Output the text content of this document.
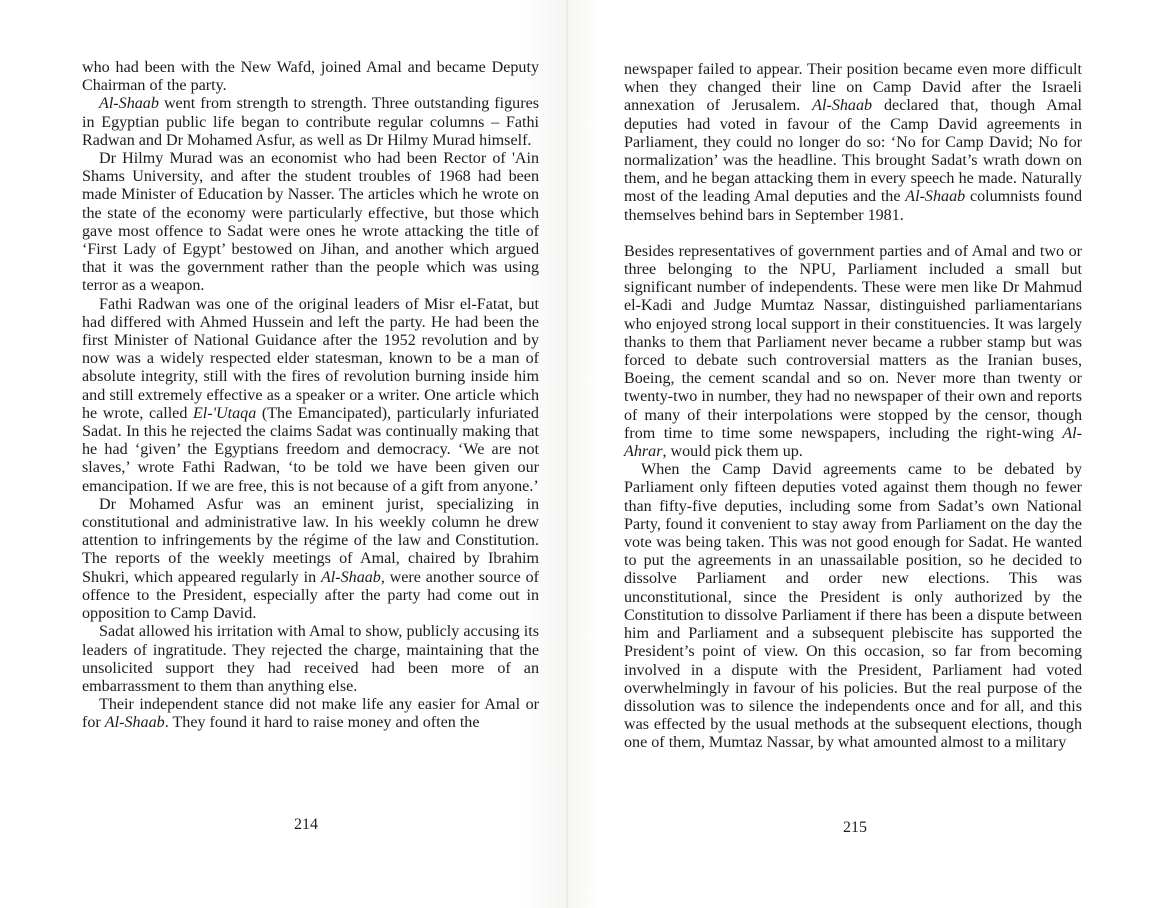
who had been with the New Wafd, joined Amal and became Deputy Chairman of the party.

Al-Shaab went from strength to strength. Three outstanding figures in Egyptian public life began to contribute regular columns – Fathi Radwan and Dr Mohamed Asfur, as well as Dr Hilmy Murad himself.

Dr Hilmy Murad was an economist who had been Rector of 'Ain Shams University, and after the student troubles of 1968 had been made Minister of Education by Nasser. The articles which he wrote on the state of the economy were particularly effective, but those which gave most offence to Sadat were ones he wrote attacking the title of ‘First Lady of Egypt’ bestowed on Jihan, and another which argued that it was the government rather than the people which was using terror as a weapon.

Fathi Radwan was one of the original leaders of Misr el-Fatat, but had differed with Ahmed Hussein and left the party. He had been the first Minister of National Guidance after the 1952 revolution and by now was a widely respected elder statesman, known to be a man of absolute integrity, still with the fires of revolution burning inside him and still extremely effective as a speaker or a writer. One article which he wrote, called El-'Utaqa (The Emancipated), particularly infuriated Sadat. In this he rejected the claims Sadat was continually making that he had ‘given’ the Egyptians freedom and democracy. ‘We are not slaves,’ wrote Fathi Radwan, ‘to be told we have been given our emancipation. If we are free, this is not because of a gift from anyone.’

Dr Mohamed Asfur was an eminent jurist, specializing in constitutional and administrative law. In his weekly column he drew attention to infringements by the régime of the law and Constitution. The reports of the weekly meetings of Amal, chaired by Ibrahim Shukri, which appeared regularly in Al-Shaab, were another source of offence to the President, especially after the party had come out in opposition to Camp David.

Sadat allowed his irritation with Amal to show, publicly accusing its leaders of ingratitude. They rejected the charge, maintaining that the unsolicited support they had received had been more of an embarrassment to them than anything else.

Their independent stance did not make life any easier for Amal or for Al-Shaab. They found it hard to raise money and often the

214

newspaper failed to appear. Their position became even more difficult when they changed their line on Camp David after the Israeli annexation of Jerusalem. Al-Shaab declared that, though Amal deputies had voted in favour of the Camp David agreements in Parliament, they could no longer do so: ‘No for Camp David; No for normalization’ was the headline. This brought Sadat’s wrath down on them, and he began attacking them in every speech he made. Naturally most of the leading Amal deputies and the Al-Shaab columnists found themselves behind bars in September 1981.

Besides representatives of government parties and of Amal and two or three belonging to the NPU, Parliament included a small but significant number of independents. These were men like Dr Mahmud el-Kadi and Judge Mumtaz Nassar, distinguished parliamentarians who enjoyed strong local support in their constituencies. It was largely thanks to them that Parliament never became a rubber stamp but was forced to debate such controversial matters as the Iranian buses, Boeing, the cement scandal and so on. Never more than twenty or twenty-two in number, they had no newspaper of their own and reports of many of their interpolations were stopped by the censor, though from time to time some newspapers, including the right-wing Al-Ahrar, would pick them up.

When the Camp David agreements came to be debated by Parliament only fifteen deputies voted against them though no fewer than fifty-five deputies, including some from Sadat’s own National Party, found it convenient to stay away from Parliament on the day the vote was being taken. This was not good enough for Sadat. He wanted to put the agreements in an unassailable position, so he decided to dissolve Parliament and order new elections. This was unconstitutional, since the President is only authorized by the Constitution to dissolve Parliament if there has been a dispute between him and Parliament and a subsequent plebiscite has supported the President’s point of view. On this occasion, so far from becoming involved in a dispute with the President, Parliament had voted overwhelmingly in favour of his policies. But the real purpose of the dissolution was to silence the independents once and for all, and this was effected by the usual methods at the subsequent elections, though one of them, Mumtaz Nassar, by what amounted almost to a military

215
